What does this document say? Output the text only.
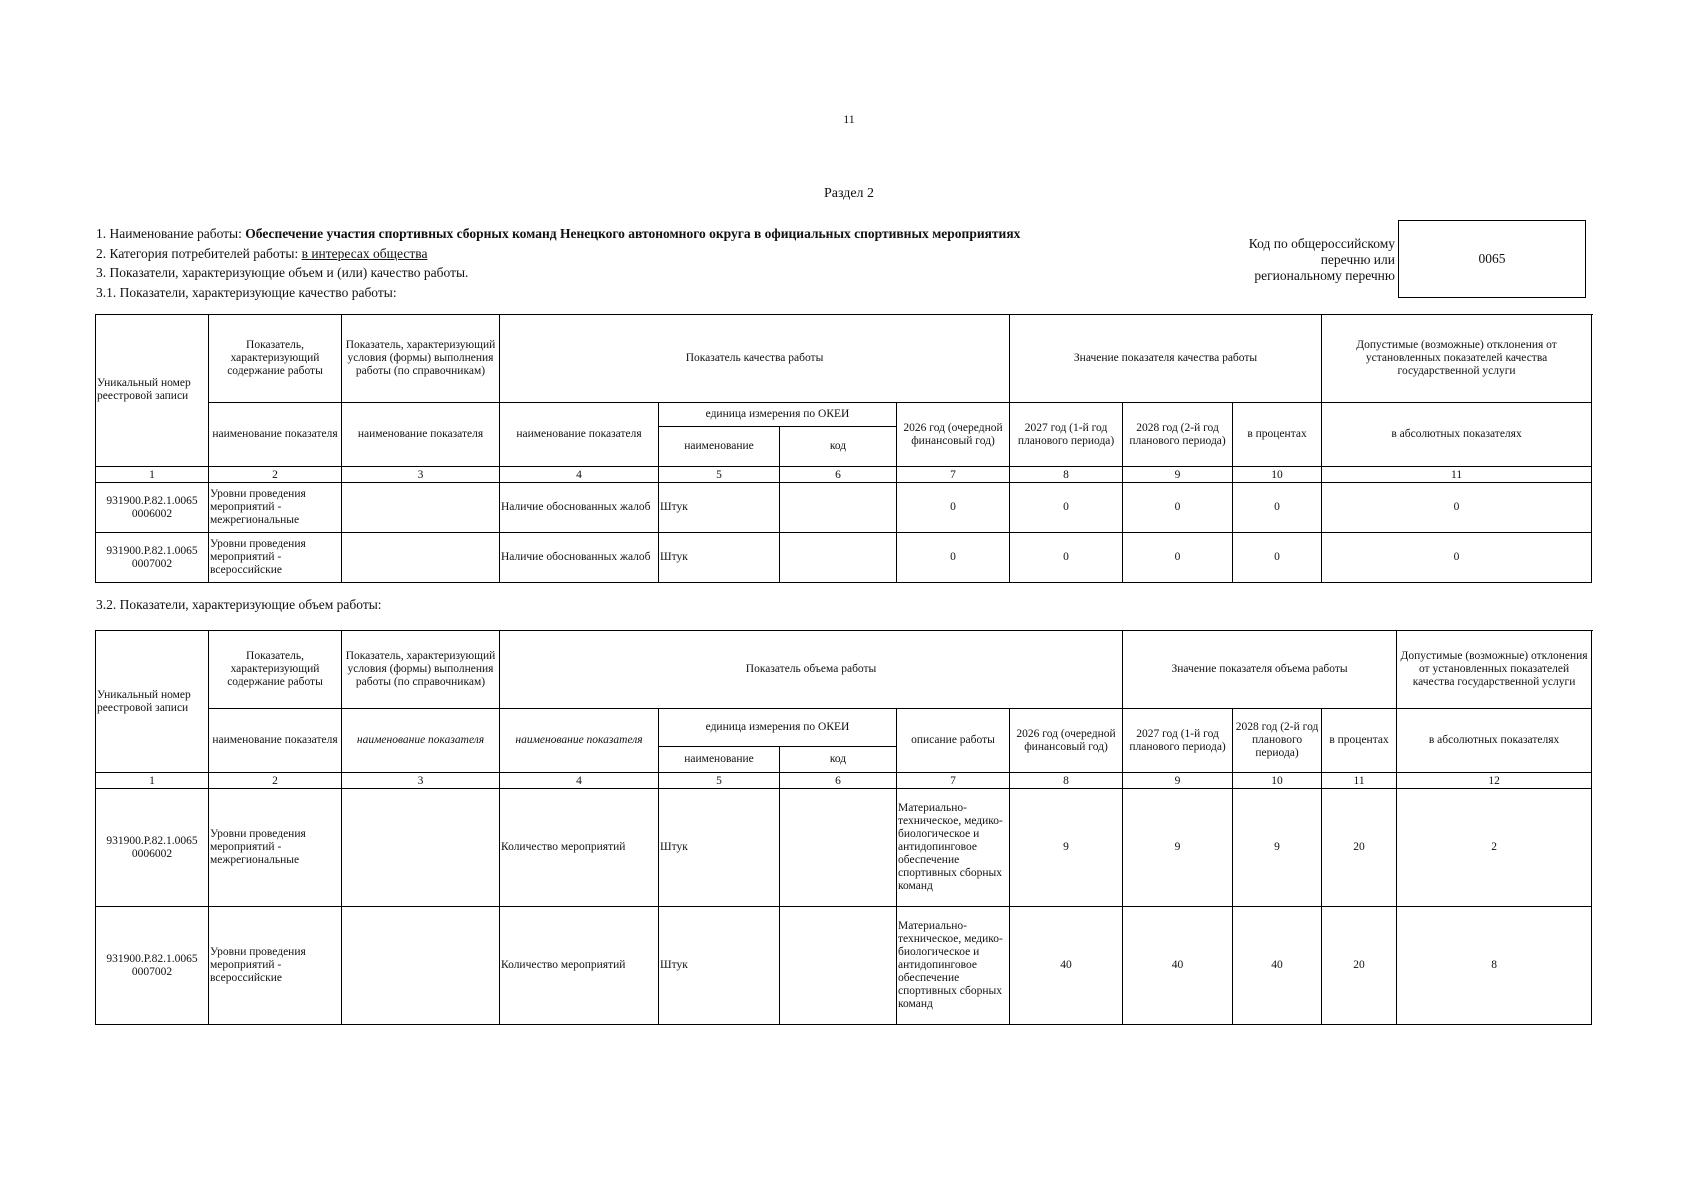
11
Раздел 2
1. Наименование работы: Обеспечение участия спортивных сборных команд Ненецкого автономного округа в официальных спортивных мероприятиях
2. Категория потребителей работы: в интересах общества
3. Показатели, характеризующие объем и (или) качество работы.
3.1. Показатели, характеризующие качество работы:
Код по общероссийскому
перечню или
региональному перечню
0065
Уникальный номер реестровой записи	Показатель, характеризующий содержание работы	Показатель, характеризующий условия (формы) выполнения работы (по справочникам)	Показатель качества работы				Значение показателя качества работы			Допустимые (возможные) отклонения от установленных показателей качества государственной услуги
	наименование показателя	наименование показателя	наименование показателя	единица измерения по ОКЕИ		2026 год (очередной финансовый год)	2027 год (1-й год планового периода)	2028 год (2-й год планового периода)	в процентах	в абсолютных показателях
				наименование	код					
1	2	3	4	5	6	7	8	9	10	11
931900.Р.82.1.0065 0006002	Уровни проведения мероприятий - межрегиональные		Наличие обоснованных жалоб	Штук		0	0	0	0	0
931900.Р.82.1.0065 0007002	Уровни проведения мероприятий - всероссийские		Наличие обоснованных жалоб	Штук		0	0	0	0	0
3.2. Показатели, характеризующие объем работы:
Уникальный номер реестровой записи	Показатель, характеризующий содержание работы	Показатель, характеризующий условия (формы) выполнения работы (по справочникам)	Показатель объема работы					Значение показателя объема работы			Допустимые (возможные) отклонения от установленных показателей качества государственной услуги
	наименование показателя	наименование показателя	наименование показателя	единица измерения по ОКЕИ		описание работы	2026 год (очередной финансовый год)	2027 год (1-й год планового периода)	2028 год (2-й год планового периода)	в процентах	в абсолютных показателях
				наименование	код						
1	2	3	4	5	6	7	8	9	10	11	12
931900.Р.82.1.0065 0006002	Уровни проведения мероприятий - межрегиональные		Количество мероприятий	Штук		Материально-техническое, медико-биологическое и антидопинговое обеспечение спортивных сборных команд	9	9	9	20	2
931900.Р.82.1.0065 0007002	Уровни проведения мероприятий - всероссийские		Количество мероприятий	Штук		Материально-техническое, медико-биологическое и антидопинговое обеспечение спортивных сборных команд	40	40	40	20	8
